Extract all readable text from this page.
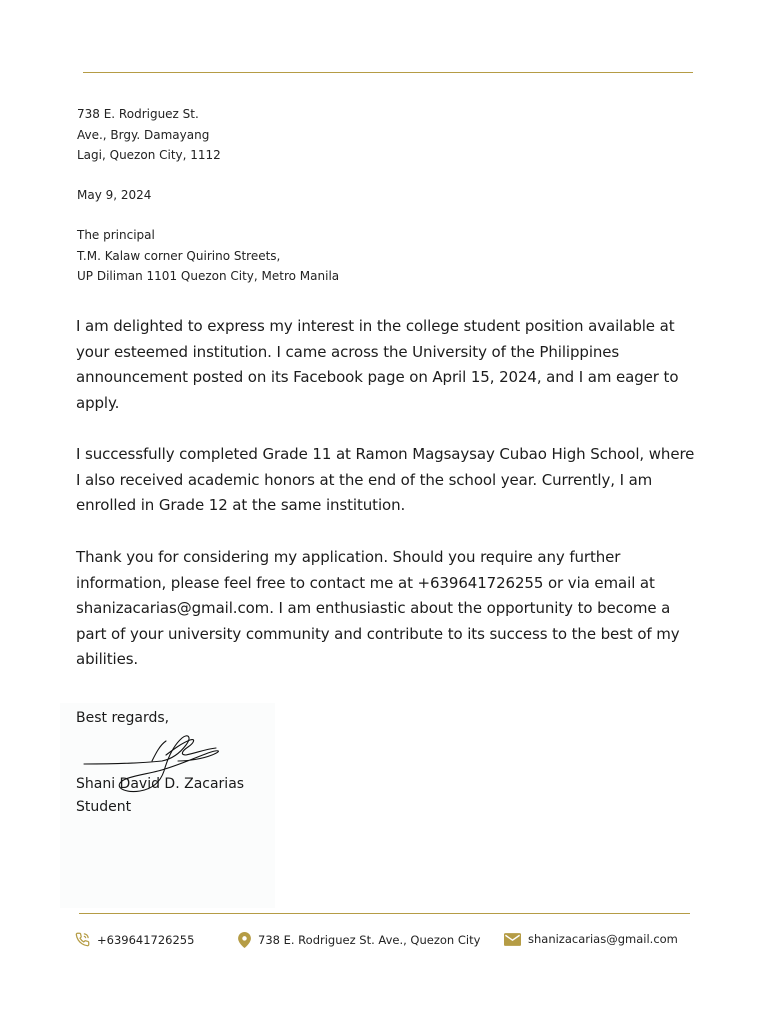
738 E. Rodriguez St.
Ave., Brgy. Damayang
Lagi, Quezon City, 1112
May 9, 2024
The principal
T.M. Kalaw corner Quirino Streets,
UP Diliman 1101 Quezon City, Metro Manila
I am delighted to express my interest in the college student position available at your esteemed institution. I came across the University of the Philippines announcement posted on its Facebook page on April 15, 2024, and I am eager to apply.
I successfully completed Grade 11 at Ramon Magsaysay Cubao High School, where I also received academic honors at the end of the school year. Currently, I am enrolled in Grade 12 at the same institution.
Thank you for considering my application. Should you require any further information, please feel free to contact me at +639641726255 or via email at shanizacarias@gmail.com. I am enthusiastic about the opportunity to become a part of your university community and contribute to its success to the best of my abilities.
Best regards,
Shani David D. Zacarias
Student
+639641726255	738 E. Rodriguez St. Ave., Quezon City	shanizacarias@gmail.com
